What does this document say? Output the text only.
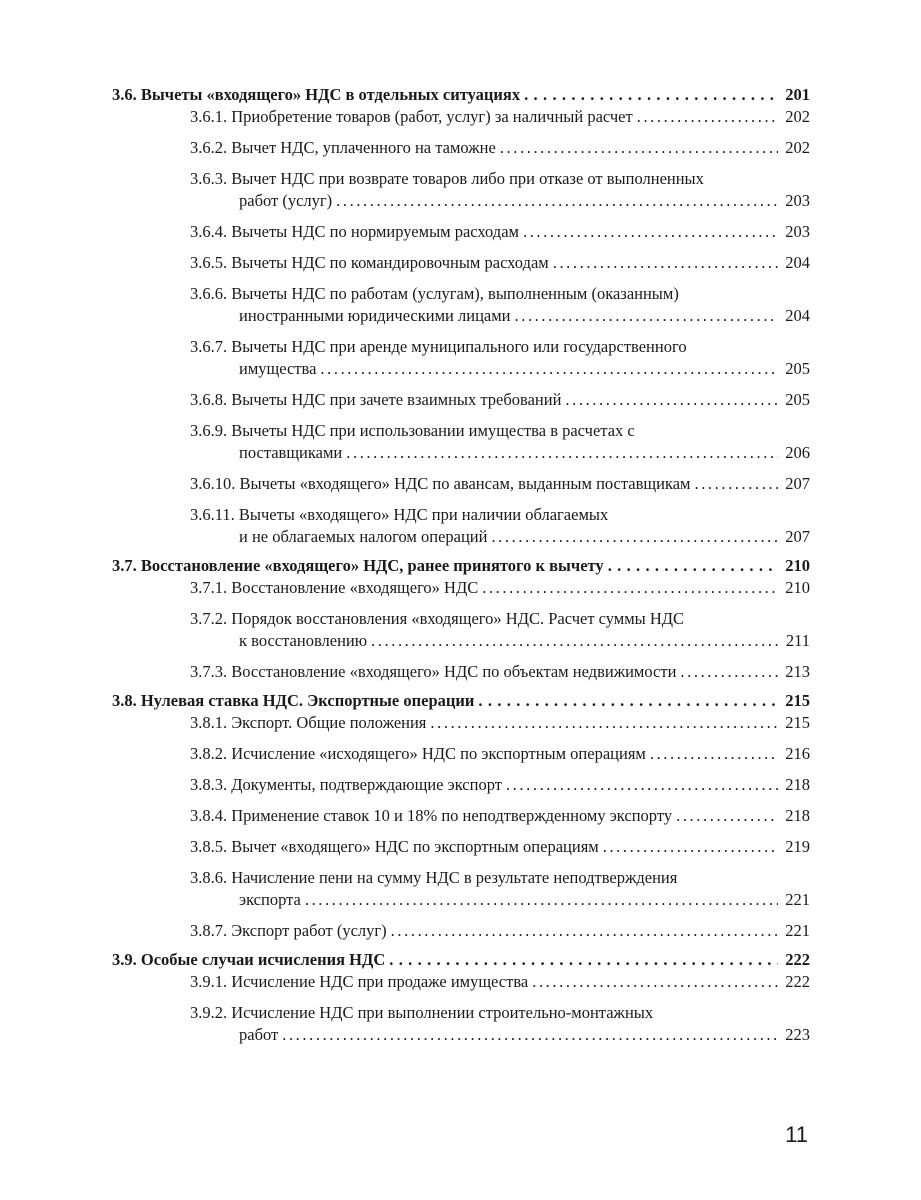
3.6. Вычеты «входящего» НДС в отдельных ситуациях . . .	201
3.6.1. Приобретение товаров (работ, услуг) за наличный расчет .....	202
3.6.2. Вычет НДС, уплаченного на таможне .....	202
3.6.3. Вычет НДС при возврате товаров либо при отказе от выполненных
работ (услуг) .....	203
3.6.4. Вычеты НДС по нормируемым расходам .....	203
3.6.5. Вычеты НДС по командировочным расходам .....	204
3.6.6. Вычеты НДС по работам (услугам), выполненным (оказанным)
иностранными юридическими лицами .....	204
3.6.7. Вычеты НДС при аренде муниципального или государственного
имущества .....	205
3.6.8. Вычеты НДС при зачете взаимных требований .....	205
3.6.9. Вычеты НДС при использовании имущества в расчетах с
поставщиками .....	206
3.6.10. Вычеты «входящего» НДС по авансам, выданным поставщикам .....	207
3.6.11. Вычеты «входящего» НДС при наличии облагаемых
и не облагаемых налогом операций .....	207
3.7. Восстановление «входящего» НДС, ранее принятого к вычету . . .	210
3.7.1. Восстановление «входящего» НДС .....	210
3.7.2. Порядок восстановления «входящего» НДС. Расчет суммы НДС
к восстановлению .....	211
3.7.3. Восстановление «входящего» НДС по объектам недвижимости .....	213
3.8. Нулевая ставка НДС. Экспортные операции . . .	215
3.8.1. Экспорт. Общие положения .....	215
3.8.2. Исчисление «исходящего» НДС по экспортным операциям .....	216
3.8.3. Документы, подтверждающие экспорт .....	218
3.8.4. Применение ставок 10 и 18% по неподтвержденному экспорту .....	218
3.8.5. Вычет «входящего» НДС по экспортным операциям .....	219
3.8.6. Начисление пени на сумму НДС в результате неподтверждения
экспорта .....	221
3.8.7. Экспорт работ (услуг) .....	221
3.9. Особые случаи исчисления НДС . . .	222
3.9.1. Исчисление НДС при продаже имущества .....	222
3.9.2. Исчисление НДС при выполнении строительно-монтажных
работ .....	223
11
